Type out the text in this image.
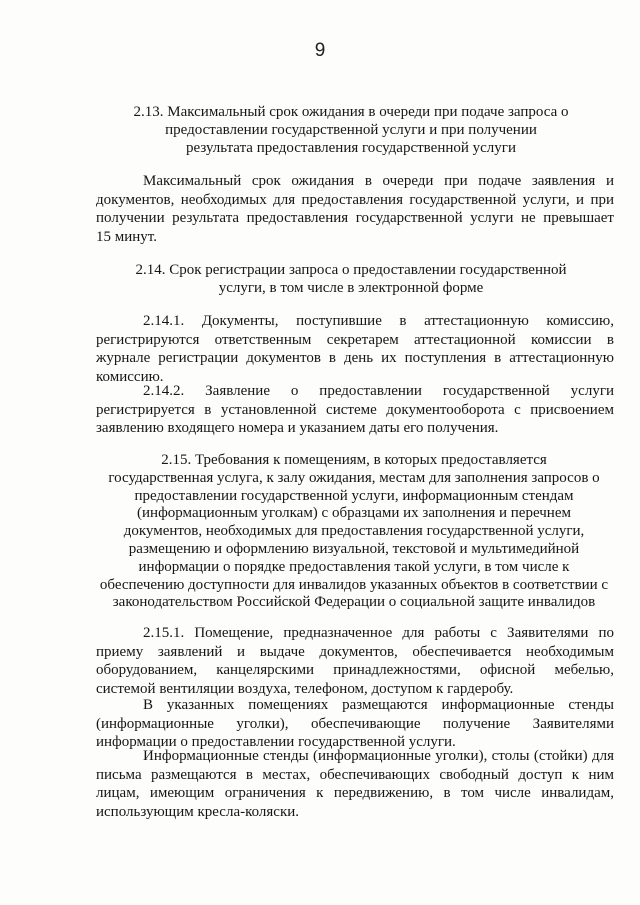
9
2.13. Максимальный срок ожидания в очереди при подаче запроса о
предоставлении государственной услуги и при получении
результата предоставления государственной услуги
Максимальный срок ожидания в очереди при подаче заявления и
документов, необходимых для предоставления государственной услуги, и при
получении результата предоставления государственной услуги не превышает
15 минут.
2.14. Срок регистрации запроса о предоставлении государственной
услуги, в том числе в электронной форме
2.14.1. Документы, поступившие в аттестационную комиссию,
регистрируются ответственным секретарем аттестационной комиссии в
журнале регистрации документов в день их поступления в аттестационную
комиссию.
2.14.2. Заявление о предоставлении государственной услуги
регистрируется в установленной системе документооборота с присвоением
заявлению входящего номера и указанием даты его получения.
2.15. Требования к помещениям, в которых предоставляется
государственная услуга, к залу ожидания, местам для заполнения запросов о
предоставлении государственной услуги, информационным стендам
(информационным уголкам) с образцами их заполнения и перечнем
документов, необходимых для предоставления государственной услуги,
размещению и оформлению визуальной, текстовой и мультимедийной
информации о порядке предоставления такой услуги, в том числе к
обеспечению доступности для инвалидов указанных объектов в соответствии с
законодательством Российской Федерации о социальной защите инвалидов
2.15.1. Помещение, предназначенное для работы с Заявителями по
приему заявлений и выдаче документов, обеспечивается необходимым
оборудованием, канцелярскими принадлежностями, офисной мебелью,
системой вентиляции воздуха, телефоном, доступом к гардеробу.
В указанных помещениях размещаются информационные стенды
(информационные уголки), обеспечивающие получение Заявителями
информации о предоставлении государственной услуги.
Информационные стенды (информационные уголки), столы (стойки) для
письма размещаются в местах, обеспечивающих свободный доступ к ним
лицам, имеющим ограничения к передвижению, в том числе инвалидам,
использующим кресла-коляски.
